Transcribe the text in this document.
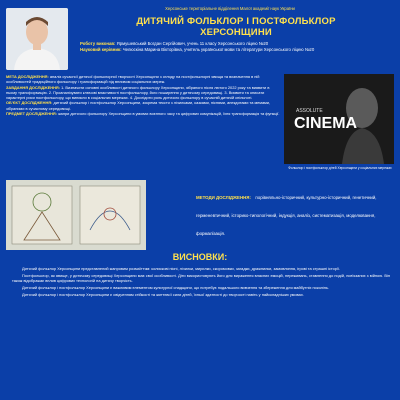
Херсонське територіальне відділення Малої академії наук України
ДИТЯЧИЙ ФОЛЬКЛОР І ПОСТФОЛЬКЛОР
ХЕРСОНЩИНИ
Роботу виконав: Ярмушевський Богдан Сергійович, учень 11 класу Херсонського ліцею №20
Науковий керівник: Челюскіна Марина Вікторівна, учитель української мови та літератури Херсонського ліцею №20
МЕТА ДОСЛІДЖЕННЯ: аналіз сучасної дитячої фольклорної творчості Херсонщини з огляду на постфольклорні явища та визначення в ній особливостей традиційного фольклору і трансформацій під впливом соціальних мереж.
ЗАВДАННЯ ДОСЛІДЖЕННЯ: 1. Визначити основні особливості дитячого фольклору Херсонщини, зібраного після лютого 2022 року та виявити в ньому трансформацію. 2. Проаналізувати ключові властивості постфольклору, його поширення у дитячому середовищі. 3. Виявити та описати характерні риси постфольклору, що виникли в соціальних мережах. 4. Дослідити роль дитячого фольклору в сучасній дитячій спільноті.
ОБ'ЄКТ ДОСЛІДЖЕННЯ: дитячий фольклор і постфольклор Херсонщини, зокрема тексти з лічилками, казками, піснями, анекдотами та мемами, зібраними в сучасному середовищі.
ПРЕДМЕТ ДОСЛІДЖЕННЯ: жанри дитячого фольклору Херсонщини в умовах воєнного часу та цифрових комунікацій, їхня трансформація та функції.	ASSOLUTE
CINEMA
Фольклор і постфольклор дітей Херсонщини у соціальних мережах
МЕТОДИ ДОСЛІДЖЕННЯ: порівняльно-історичний, культурно-історичний, генетичний, герменевтичний, історико-типологічний, індукція, аналіз, систематизація, моделювання, формалізація.
ВИСНОВКИ:

Дитячий фольклор Херсонщини представлений жанровим розмаїттям: колискові пісні, лічилки, мирилки, скоромовки, загадки, дражнилки, замовляння, ігрові та страшні історії.

Постфольклор, як явище, у дитячому середовищі Херсонщини має свої особливості. Діти використовують його для вираження власних емоцій, переживань, ставлення до подій, пов'язаних з війною. Він також відображає вплив цифрових технологій на дитячу творчість.

Дитячий фольклор і постфольклор Херсонщини є важливим елементом культурної спадщини, що потребує подальшого вивчення та збереження для майбутніх поколінь.

Дитячий фольклор і постфольклор Херсонщини є свідченням стійкості та життєвої сили дітей, їхньої здатності до творчості навіть у найскладніших умовах.
